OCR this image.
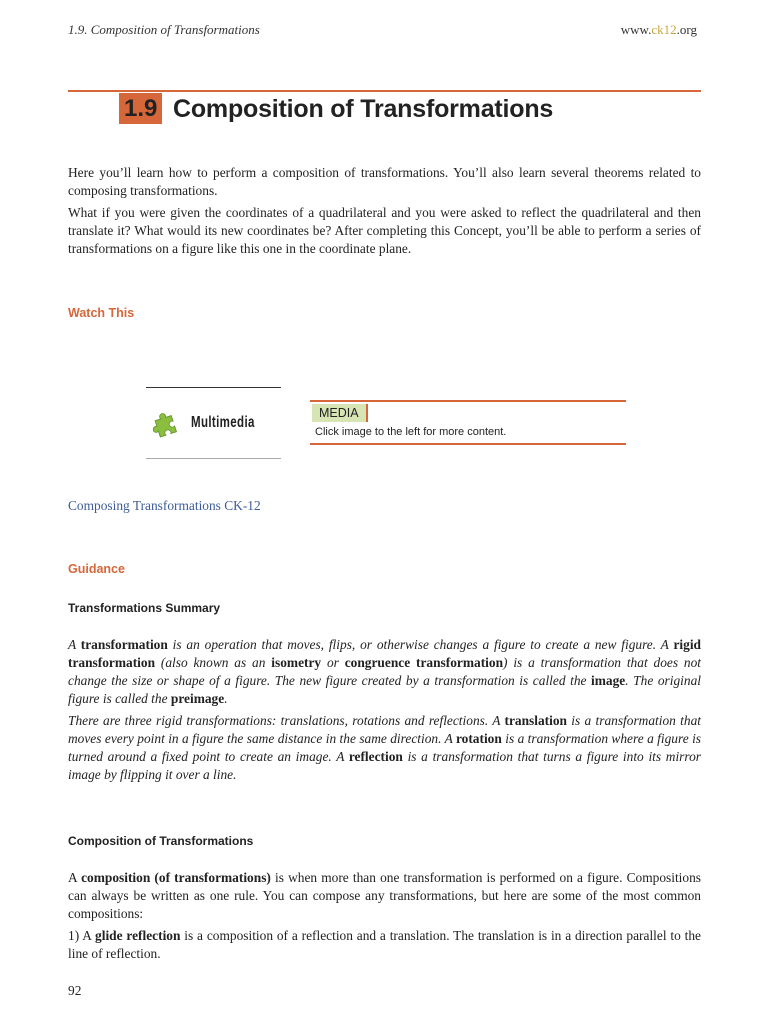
1.9. Composition of Transformations	www.ck12.org
1.9 Composition of Transformations

Here you’ll learn how to perform a composition of transformations. You’ll also learn several theorems related to composing transformations.

What if you were given the coordinates of a quadrilateral and you were asked to reflect the quadrilateral and then translate it? What would its new coordinates be? After completing this Concept, you’ll be able to perform a series of transformations on a figure like this one in the coordinate plane.

Watch This
Multimedia
MEDIA
Click image to the left for more content.
Composing Transformations CK-12
Guidance
Transformations Summary

A transformation is an operation that moves, flips, or otherwise changes a figure to create a new figure. A rigid transformation (also known as an isometry or congruence transformation) is a transformation that does not change the size or shape of a figure. The new figure created by a transformation is called the image. The original figure is called the preimage.

There are three rigid transformations: translations, rotations and reflections. A translation is a transformation that moves every point in a figure the same distance in the same direction. A rotation is a transformation where a figure is turned around a fixed point to create an image. A reflection is a transformation that turns a figure into its mirror image by flipping it over a line.

Composition of Transformations

A composition (of transformations) is when more than one transformation is performed on a figure. Compositions can always be written as one rule. You can compose any transformations, but here are some of the most common compositions:

1) A glide reflection is a composition of a reflection and a translation. The translation is in a direction parallel to the line of reflection.

92
